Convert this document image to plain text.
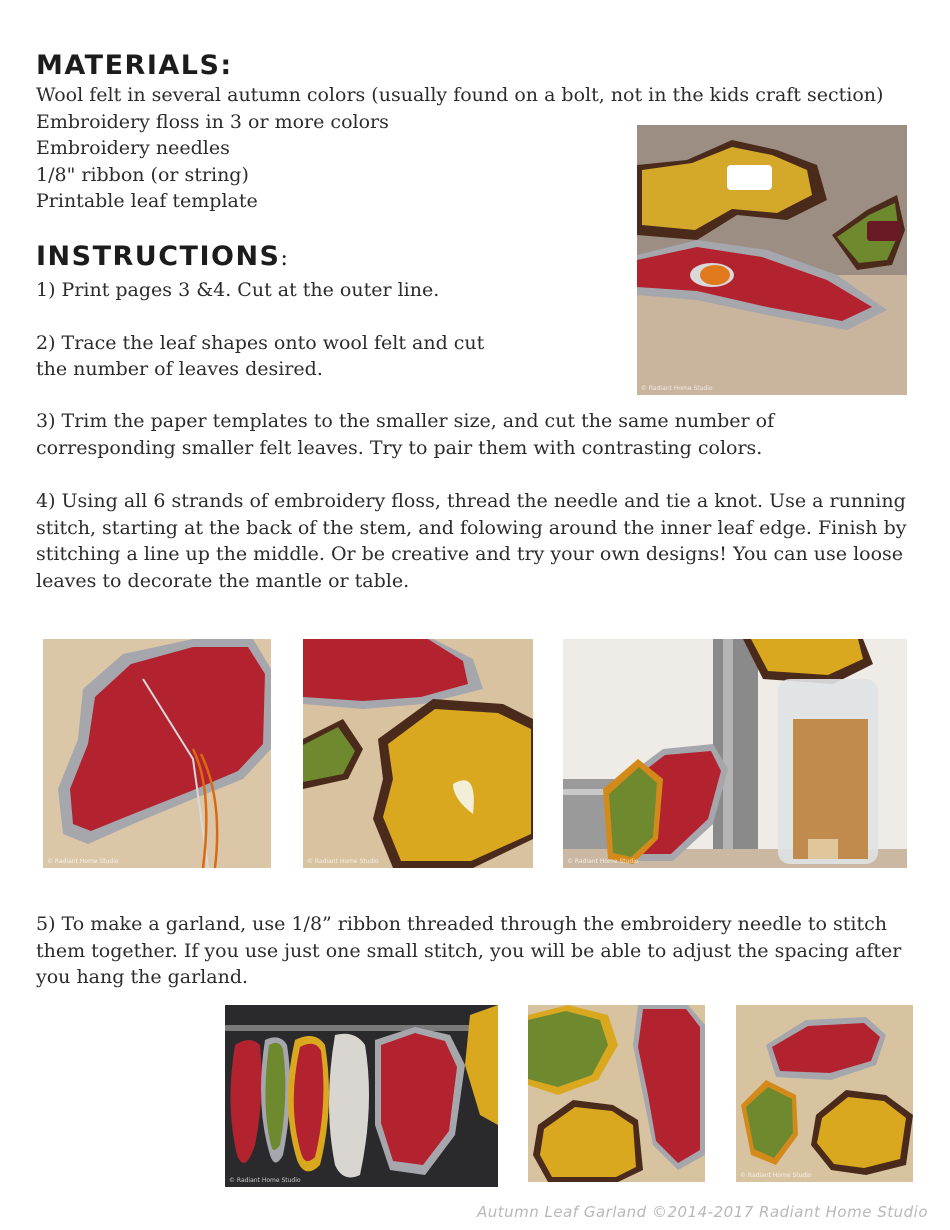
MATERIALS:
Wool felt in several autumn colors (usually found on a bolt, not in the kids craft section)
Embroidery floss in 3 or more colors
Embroidery needles
1/8" ribbon (or string)
Printable leaf template
INSTRUCTIONS:
1) Print pages 3 &4. Cut at the outer line.
2) Trace the leaf shapes onto wool felt and cut
the number of leaves desired.

3) Trim the paper templates to the smaller size, and cut the same number of corresponding smaller felt leaves. Try to pair them with contrasting colors.

4) Using all 6 strands of embroidery floss, thread the needle and tie a knot. Use a running stitch, starting at the back of the stem, and folowing around the inner leaf edge. Finish by stitching a line up the middle. Or be creative and try your own designs! You can use loose leaves to decorate the mantle or table.

5) To make a garland, use 1/8” ribbon threaded through the embroidery needle to stitch them together. If you use just one small stitch, you will be able to adjust the spacing after you hang the garland.

© Radiant Home Studio
© Radiant Home Studio	© Radiant Home Studio	© Radiant Home Studio
© Radiant Home Studio
© Radiant Home Studio
Autumn Leaf Garland ©2014-2017 Radiant Home Studio
